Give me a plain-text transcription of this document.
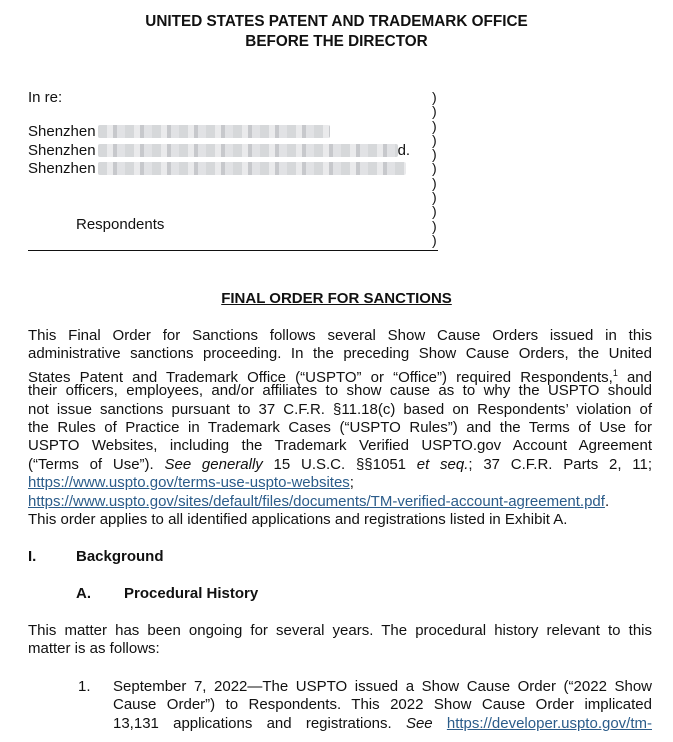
UNITED STATES PATENT AND TRADEMARK OFFICE
BEFORE THE DIRECTOR
In re:
Shenzhen
Shenzhen	d.
Shenzhen
Respondents
)
)
)
)
)
)
)
)
)
)
)
FINAL ORDER FOR SANCTIONS
This Final Order for Sanctions follows several Show Cause Orders issued in this
administrative sanctions proceeding. In the preceding Show Cause Orders, the United
States Patent and Trademark Office (“USPTO” or “Office”) required Respondents,$^1$ and
their officers, employees, and/or affiliates to show cause as to why the USPTO should
not issue sanctions pursuant to 37 C.F.R. §11.18(c) based on Respondents’ violation of
the Rules of Practice in Trademark Cases (“USPTO Rules”) and the Terms of Use for
USPTO Websites, including the Trademark Verified USPTO.gov Account Agreement
(“Terms of Use”). See generally 15 U.S.C. §§1051 et seq.; 37 C.F.R. Parts 2, 11;
https://www.uspto.gov/terms-use-uspto-websites;
https://www.uspto.gov/sites/default/files/documents/TM-verified-account-agreement.pdf.
This order applies to all identified applications and registrations listed in Exhibit A.
I.	Background
A. Procedural History
This matter has been ongoing for several years. The procedural history relevant to this
matter is as follows:
1. September 7, 2022—The USPTO issued a Show Cause Order (“2022 Show
Cause Order”) to Respondents. This 2022 Show Cause Order implicated
13,131 applications and registrations. See https://developer.uspto.gov/tm-
